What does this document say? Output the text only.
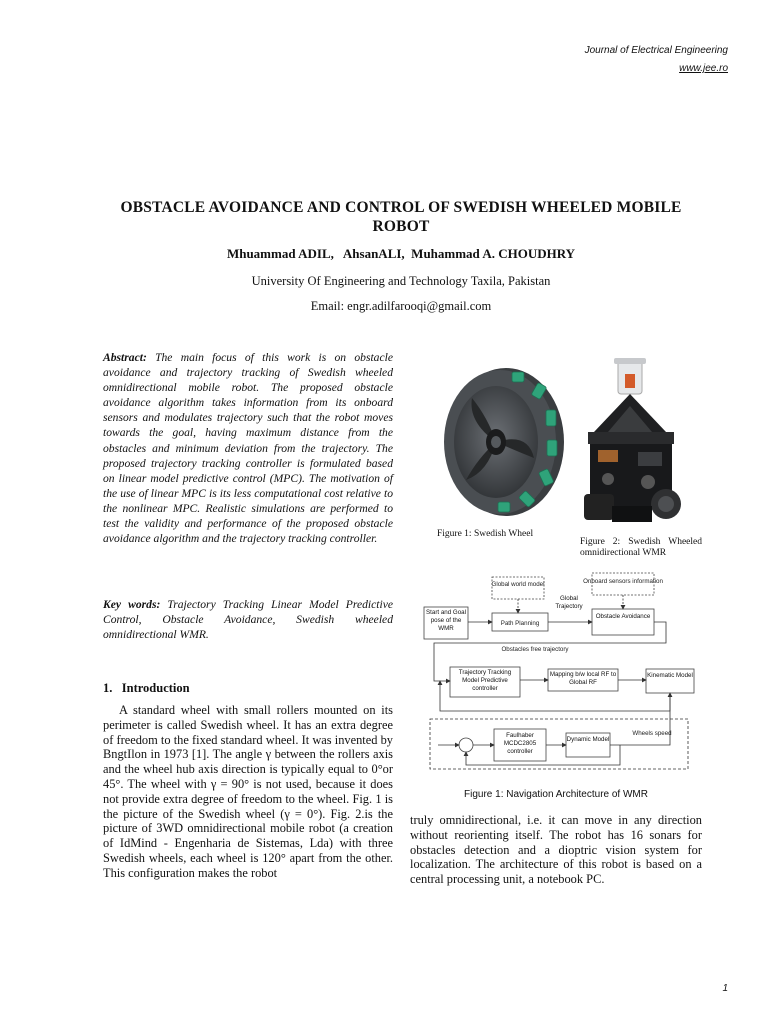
Journal of Electrical Engineering
www.jee.ro
OBSTACLE AVOIDANCE AND CONTROL OF SWEDISH WHEELED MOBILE ROBOT
Mhuammad ADIL,   AhsanALI,  Muhammad A. CHOUDHRY
University Of Engineering and Technology Taxila, Pakistan
Email: engr.adilfarooqi@gmail.com
Abstract: The main focus of this work is on obstacle avoidance and trajectory tracking of Swedish wheeled omnidirectional mobile robot. The proposed obstacle avoidance algorithm takes information from its onboard sensors and modulates trajectory such that the robot moves towards the goal, having maximum distance from the obstacles and minimum deviation from the trajectory. The proposed trajectory tracking controller is formulated based on linear model predictive control (MPC). The motivation of the use of linear MPC is its less computational cost relative to the nonlinear MPC. Realistic simulations are performed to test the validity and performance of the proposed obstacle avoidance algorithm and the trajectory tracking controller.
Key words: Trajectory Tracking Linear Model Predictive Control, Obstacle Avoidance, Swedish wheeled omnidirectional WMR.
1.   Introduction
A standard wheel with small rollers mounted on its perimeter is called Swedish wheel. It has an extra degree of freedom to the fixed standard wheel. It was invented by BngtIlon in 1973 [1]. The angle γ between the rollers axis and the wheel hub axis direction is typically equal to 0°or 45°. The wheel with γ = 90° is not used, because it does not provide extra degree of freedom to the wheel. Fig. 1 is the picture of the Swedish wheel (γ = 0°). Fig. 2.is the picture of 3WD omnidirectional mobile robot (a creation of IdMind - Engenharia de Sistemas, Lda) with three Swedish wheels, each wheel is 120° apart from the other. This configuration makes the robot
Figure 1: Swedish Wheel
Figure 2: Swedish Wheeled omnidirectional WMR
Global world model	Onboard sensors information
Start and Goal pose of the WMR
Path Planning
Global Trajectory
Obstacle Avoidance
Obstacles free trajectory
Trajectory Tracking Model Predictive controller
Mapping b/w local RF to Global RF
Kinematic Model
Wheels speed
Faulhaber MCDC2805 controller
Dynamic Model
Figure 1: Navigation Architecture of WMR
truly omnidirectional, i.e. it can move in any direction without reorienting itself. The robot has 16 sonars for obstacles detection and a dioptric vision system for localization. The architecture of this robot is based on a central processing unit, a notebook PC.
1
